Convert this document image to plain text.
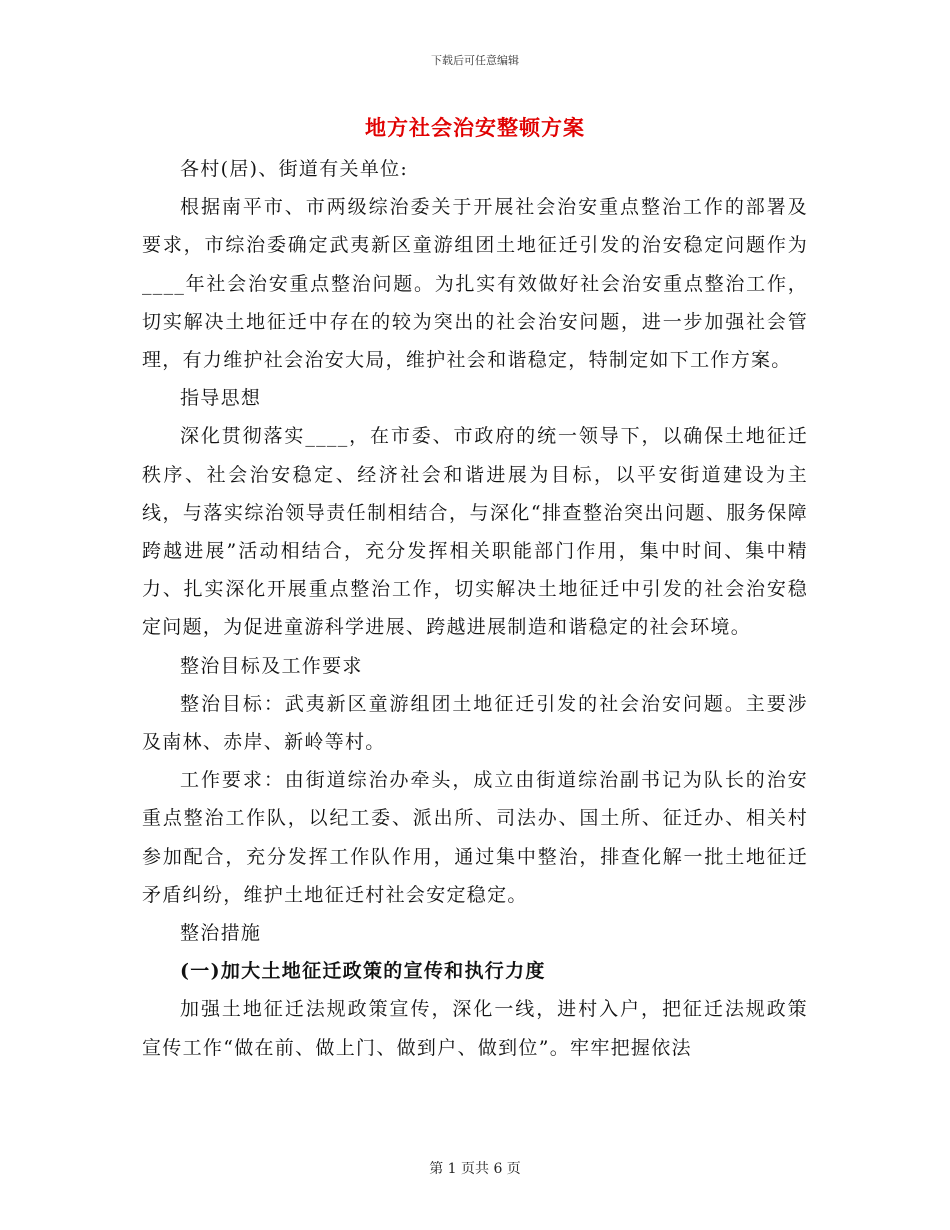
下载后可任意编辑
地方社会治安整顿方案

各村(居)、街道有关单位:

根据南平市、市两级综治委关于开展社会治安重点整治工作的部署及要求，市综治委确定武夷新区童游组团土地征迁引发的治安稳定问题作为____年社会治安重点整治问题。为扎实有效做好社会治安重点整治工作，切实解决土地征迁中存在的较为突出的社会治安问题，进一步加强社会管理，有力维护社会治安大局，维护社会和谐稳定，特制定如下工作方案。

指导思想

深化贯彻落实____，在市委、市政府的统一领导下，以确保土地征迁秩序、社会治安稳定、经济社会和谐进展为目标，以平安街道建设为主线，与落实综治领导责任制相结合，与深化“排查整治突出问题、服务保障跨越进展”活动相结合，充分发挥相关职能部门作用，集中时间、集中精力、扎实深化开展重点整治工作，切实解决土地征迁中引发的社会治安稳定问题，为促进童游科学进展、跨越进展制造和谐稳定的社会环境。

整治目标及工作要求

整治目标：武夷新区童游组团土地征迁引发的社会治安问题。主要涉及南林、赤岸、新岭等村。

工作要求：由街道综治办牵头，成立由街道综治副书记为队长的治安重点整治工作队，以纪工委、派出所、司法办、国土所、征迁办、相关村参加配合，充分发挥工作队作用，通过集中整治，排查化解一批土地征迁矛盾纠纷，维护土地征迁村社会安定稳定。

整治措施

(一)加大土地征迁政策的宣传和执行力度

加强土地征迁法规政策宣传，深化一线，进村入户，把征迁法规政策宣传工作“做在前、做上门、做到户、做到位”。牢牢把握依法

第 1 页共 6 页
